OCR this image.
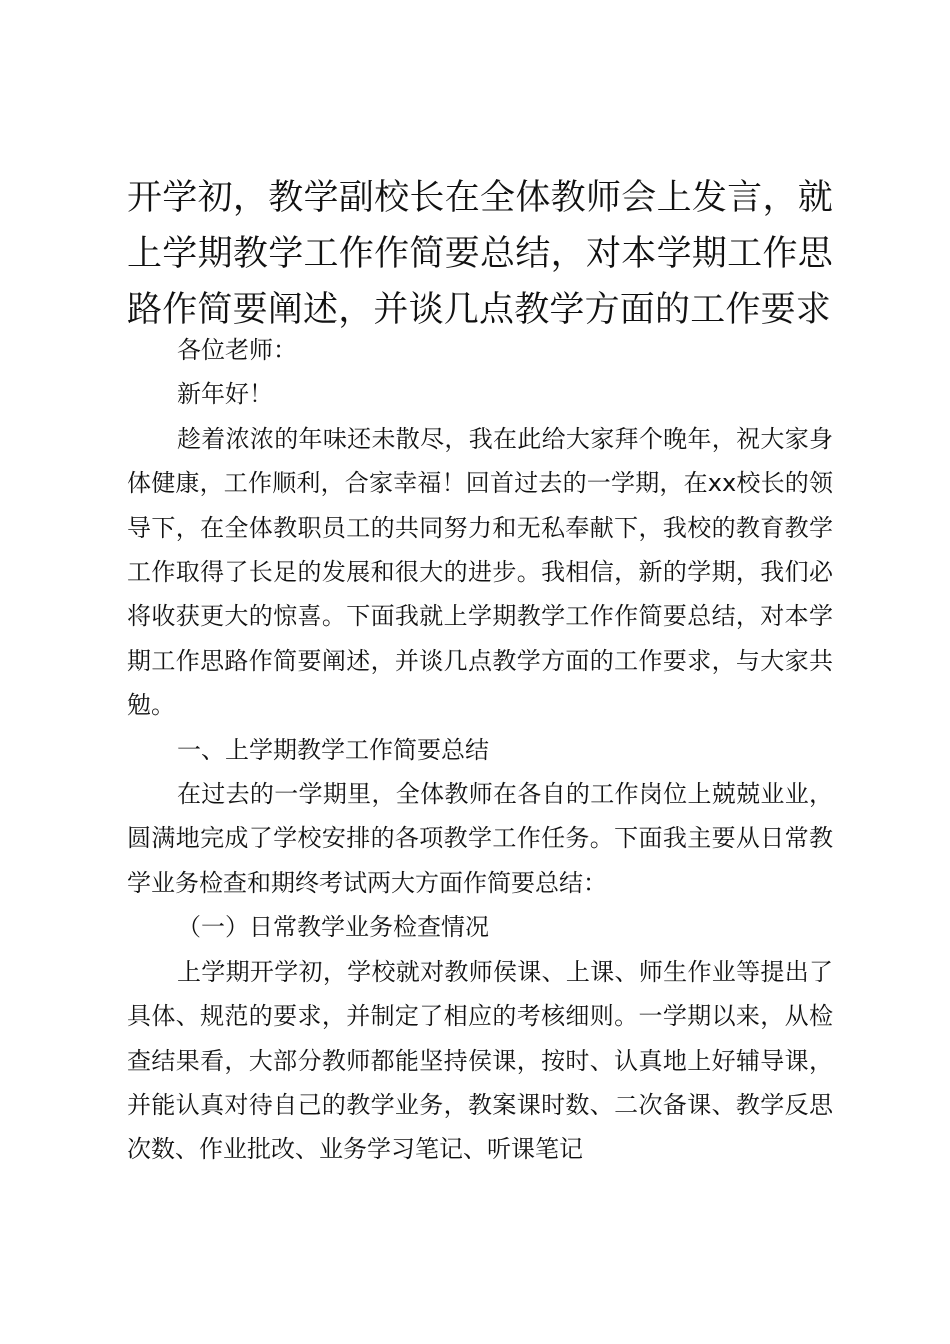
开学初，教学副校长在全体教师会上发言，就上学期教学工作作简要总结，对本学期工作思路作简要阐述，并谈几点教学方面的工作要求

各位老师：

新年好！

趁着浓浓的年味还未散尽，我在此给大家拜个晚年，祝大家身体健康，工作顺利，合家幸福！回首过去的一学期，在xx校长的领导下，在全体教职员工的共同努力和无私奉献下，我校的教育教学工作取得了长足的发展和很大的进步。我相信，新的学期，我们必将收获更大的惊喜。下面我就上学期教学工作作简要总结，对本学期工作思路作简要阐述，并谈几点教学方面的工作要求，与大家共勉。

一、上学期教学工作简要总结

在过去的一学期里，全体教师在各自的工作岗位上兢兢业业，圆满地完成了学校安排的各项教学工作任务。下面我主要从日常教学业务检查和期终考试两大方面作简要总结：

（一）日常教学业务检查情况

上学期开学初，学校就对教师侯课、上课、师生作业等提出了具体、规范的要求，并制定了相应的考核细则。一学期以来，从检查结果看，大部分教师都能坚持侯课，按时、认真地上好辅导课，并能认真对待自己的教学业务，教案课时数、二次备课、教学反思次数、作业批改、业务学习笔记、听课笔记
